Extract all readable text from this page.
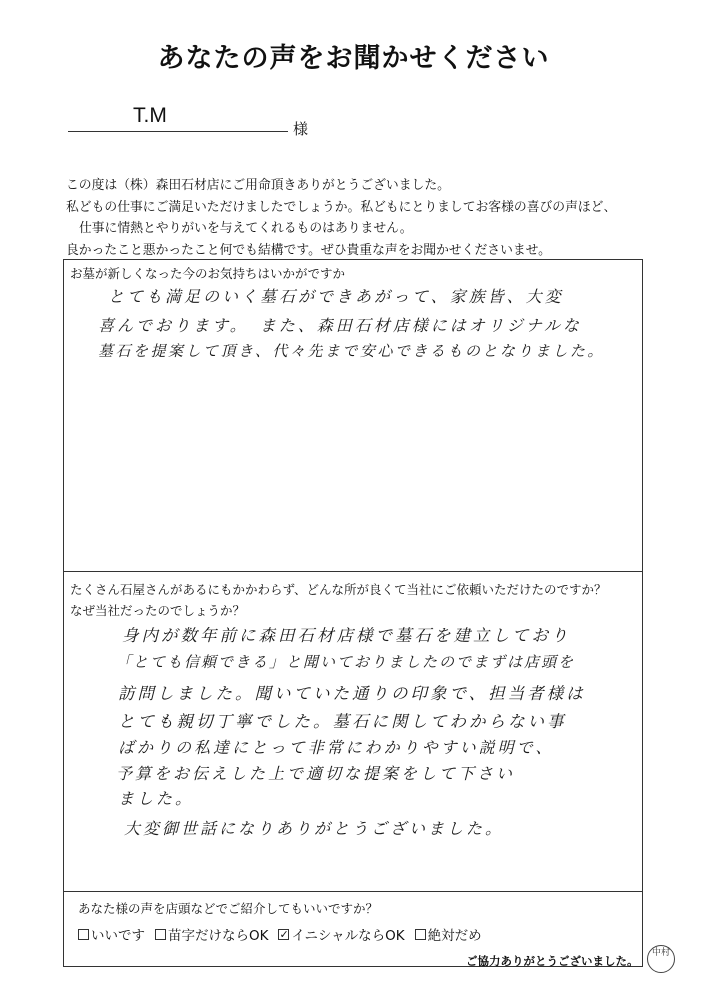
あなたの声をお聞かせください
T.M
様
この度は（株）森田石材店にご用命頂きありがとうございました。
私どもの仕事にご満足いただけましたでしょうか。私どもにとりましてお客様の喜びの声ほど、
仕事に情熱とやりがいを与えてくれるものはありません。
良かったこと悪かったこと何でも結構です。ぜひ貴重な声をお聞かせくださいませ。
お墓が新しくなった今のお気持ちはいかがですか
とても満足のいく墓石ができあがって、家族皆、大変
喜んでおります。　また、森田石材店様にはオリジナルな
墓石を提案して頂き、代々先まで安心できるものとなりました。
たくさん石屋さんがあるにもかかわらず、どんな所が良くて当社にご依頼いただけたのですか？
なぜ当社だったのでしょうか？
身内が数年前に森田石材店様で墓石を建立しており
「とても信頼できる」と聞いておりましたのでまずは店頭を
訪問しました。聞いていた通りの印象で、担当者様は
とても親切丁寧でした。墓石に関してわからない事
ばかりの私達にとって非常にわかりやすい説明で、
予算をお伝えした上で適切な提案をして下さい
ました。
大変御世話になりありがとうございました。
あなた様の声を店頭などでご紹介してもいいですか？
いいです 苗字だけならOK ✓ イニシャルならOK 絶対だめ
ご協力ありがとうございました。
中村
